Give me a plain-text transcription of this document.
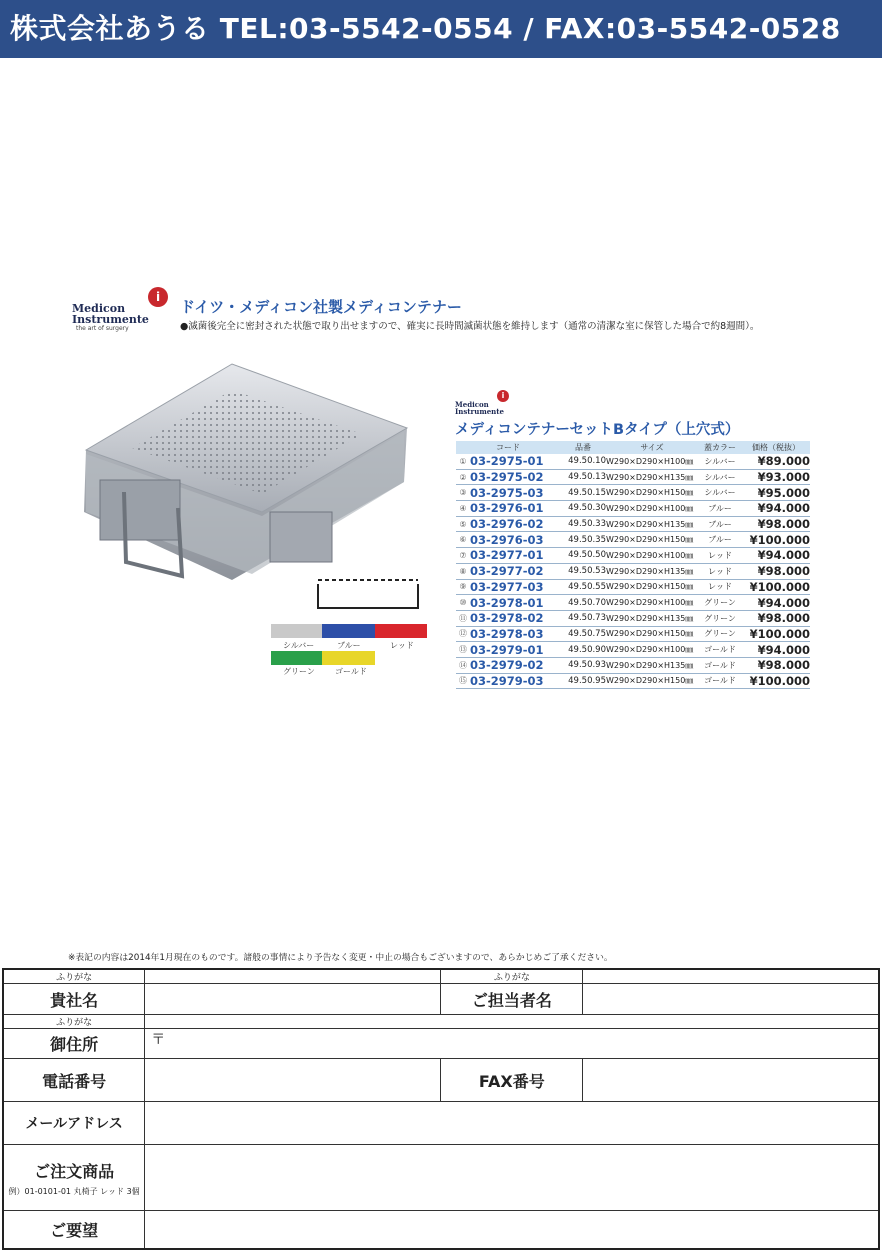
株式会社あうる TEL:03-5542-0554 / FAX:03-5542-0528
i
Medicon
Instrumente
the art of surgery
ドイツ・メディコン社製メディコンテナー
●滅菌後完全に密封された状態で取り出せますので、確実に長時間滅菌状態を維持します（通常の清潔な室に保管した場合で約8週間）。
シルバー	ブルー	レッド
グリーン	ゴールド
i
Medicon
Instrumente
メディコンテナーセットBタイプ（上穴式）
コード		品番	サイズ	蓋カラー	価格（税抜）
①	03-2975-01	49.50.10	W290×D290×H100㎜	シルバー	¥89.000
②	03-2975-02	49.50.13	W290×D290×H135㎜	シルバー	¥93.000
③	03-2975-03	49.50.15	W290×D290×H150㎜	シルバー	¥95.000
④	03-2976-01	49.50.30	W290×D290×H100㎜	ブルー	¥94.000
⑤	03-2976-02	49.50.33	W290×D290×H135㎜	ブルー	¥98.000
⑥	03-2976-03	49.50.35	W290×D290×H150㎜	ブルー	¥100.000
⑦	03-2977-01	49.50.50	W290×D290×H100㎜	レッド	¥94.000
⑧	03-2977-02	49.50.53	W290×D290×H135㎜	レッド	¥98.000
⑨	03-2977-03	49.50.55	W290×D290×H150㎜	レッド	¥100.000
⑩	03-2978-01	49.50.70	W290×D290×H100㎜	グリーン	¥94.000
⑪	03-2978-02	49.50.73	W290×D290×H135㎜	グリーン	¥98.000
⑫	03-2978-03	49.50.75	W290×D290×H150㎜	グリーン	¥100.000
⑬	03-2979-01	49.50.90	W290×D290×H100㎜	ゴールド	¥94.000
⑭	03-2979-02	49.50.93	W290×D290×H135㎜	ゴールド	¥98.000
⑮	03-2979-03	49.50.95	W290×D290×H150㎜	ゴールド	¥100.000
※表記の内容は2014年1月現在のものです。諸般の事情により予告なく変更・中止の場合もございますので、あらかじめご了承ください。
ふりがな		ふりがな	
貴社名		ご担当者名	
ふりがな			
御住所	〒		
電話番号		FAX番号	
メールアドレス			
ご注文商品
例）01-0101-01 丸椅子 レッド 3個			

ご要望			
